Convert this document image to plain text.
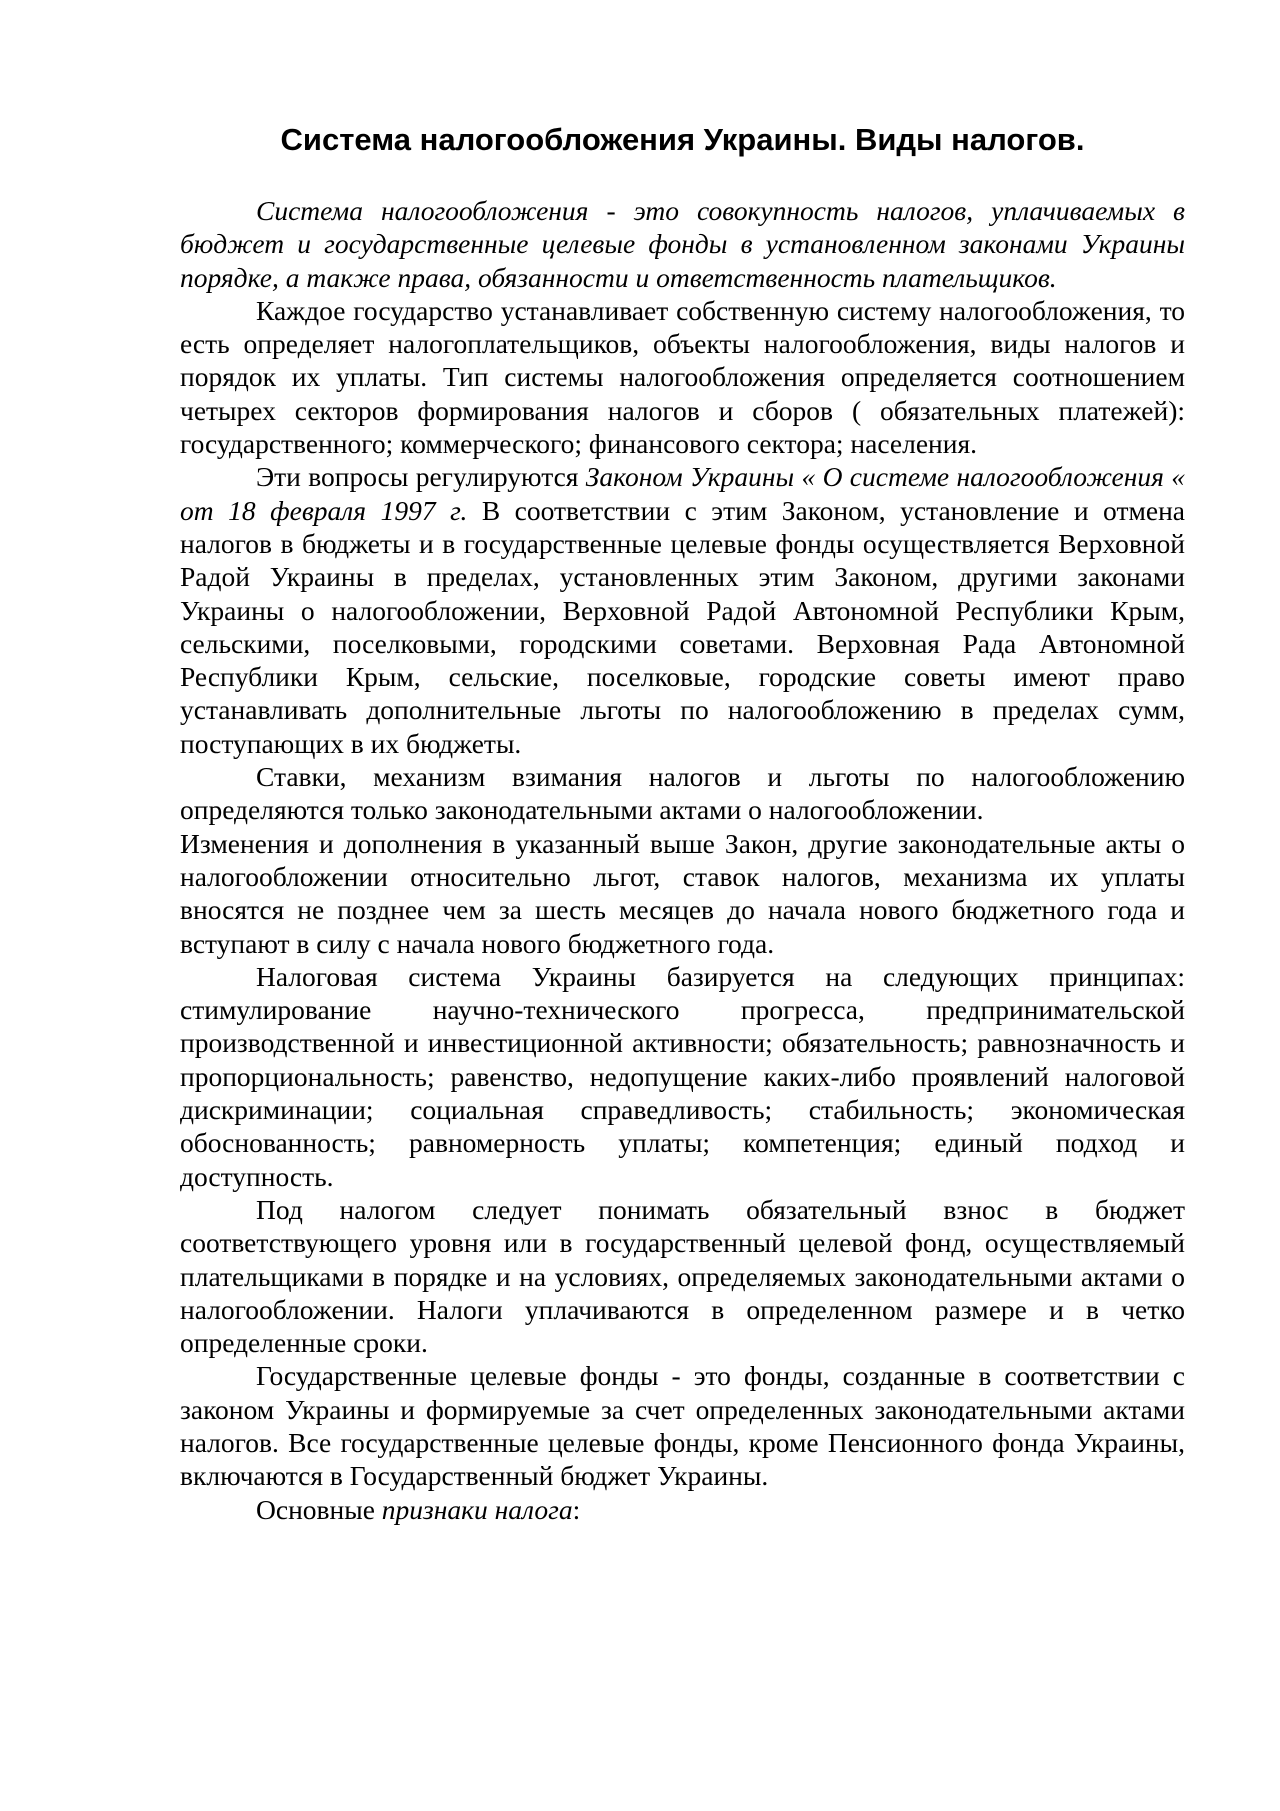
Система налогообложения Украины. Виды налогов.

Система налогообложения - это совокупность налогов, уплачиваемых в бюджет и государственные целевые фонды в установленном законами Украины порядке, а также права, обязанности и ответственность плательщиков.

Каждое государство устанавливает собственную систему налогообложения, то есть определяет налогоплательщиков, объекты налогообложения, виды налогов и порядок их уплаты. Тип системы налогообложения определяется соотношением четырех секторов формирования налогов и сборов ( обязательных платежей): государственного; коммерческого; финансового сектора; населения.

Эти вопросы регулируются Законом Украины « О системе налогообложения « от 18 февраля 1997 г. В соответствии с этим Законом, установление и отмена налогов в бюджеты и в государственные целевые фонды осуществляется Верховной Радой Украины в пределах, установленных этим Законом, другими законами Украины о налогообложении, Верховной Радой Автономной Республики Крым, сельскими, поселковыми, городскими советами. Верховная Рада Автономной Республики Крым, сельские, поселковые, городские советы имеют право устанавливать дополнительные льготы по налогообложению в пределах сумм, поступающих в их бюджеты.

Ставки, механизм взимания налогов и льготы по налогообложению определяются только законодательными актами о налогообложении.

Изменения и дополнения в указанный выше Закон, другие законодательные акты о налогообложении относительно льгот, ставок налогов, механизма их уплаты вносятся не позднее чем за шесть месяцев до начала нового бюджетного года и вступают в силу с начала нового бюджетного года.

Налоговая система Украины базируется на следующих принципах: стимулирование научно-технического прогресса, предпринимательской производственной и инвестиционной активности; обязательность; равнозначность и пропорциональность; равенство, недопущение каких-либо проявлений налоговой дискриминации; социальная справедливость; стабильность; экономическая обоснованность; равномерность уплаты; компетенция; единый подход и доступность.

Под налогом следует понимать обязательный взнос в бюджет соответствующего уровня или в государственный целевой фонд, осуществляемый плательщиками в порядке и на условиях, определяемых законодательными актами о налогообложении. Налоги уплачиваются в определенном размере и в четко определенные сроки.

Государственные целевые фонды - это фонды, созданные в соответствии с законом Украины и формируемые за счет определенных законодательными актами налогов. Все государственные целевые фонды, кроме Пенсионного фонда Украины, включаются в Государственный бюджет Украины.

Основные признаки налога:
